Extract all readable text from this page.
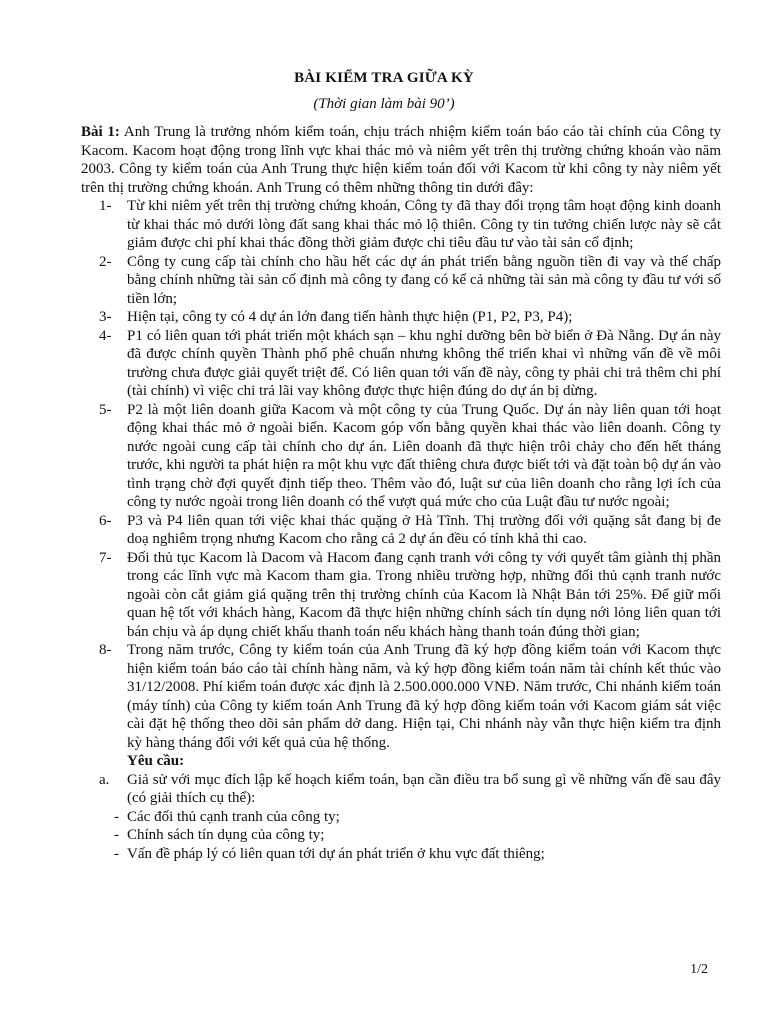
BÀI KIỂM TRA GIỮA KỲ
(Thời gian làm bài 90’)

Bài 1: Anh Trung là trưởng nhóm kiểm toán, chịu trách nhiệm kiểm toán báo cáo tài chính của Công ty Kacom. Kacom hoạt động trong lĩnh vực khai thác mỏ và niêm yết trên thị trường chứng khoán vào năm 2003. Công ty kiểm toán của Anh Trung thực hiện kiểm toán đối với Kacom từ khi công ty này niêm yết trên thị trường chứng khoán. Anh Trung có thêm những thông tin dưới đây:

1- Từ khi niêm yết trên thị trường chứng khoán, Công ty đã thay đổi trọng tâm hoạt động kinh doanh từ khai thác mỏ dưới lòng đất sang khai thác mỏ lộ thiên. Công ty tin tưởng chiến lược này sẽ cắt giảm được chi phí khai thác đồng thời giảm được chi tiêu đầu tư vào tài sản cố định;
2- Công ty cung cấp tài chính cho hầu hết các dự án phát triển bằng nguồn tiền đi vay và thế chấp bằng chính những tài sản cố định mà công ty đang có kể cả những tài sản mà công ty đầu tư với số tiền lớn;
3- Hiện tại, công ty có 4 dự án lớn đang tiến hành thực hiện (P1, P2, P3, P4);
4- P1 có liên quan tới phát triển một khách sạn – khu nghỉ dưỡng bên bờ biển ở Đà Nẵng. Dự án này đã được chính quyền Thành phố phê chuẩn nhưng không thể triển khai vì những vấn đề về môi trường chưa được giải quyết triệt để. Có liên quan tới vấn đề này, công ty phải chi trả thêm chi phí (tài chính) vì việc chi trả lãi vay không được thực hiện đúng do dự án bị dừng.
5- P2 là một liên doanh giữa Kacom và một công ty của Trung Quốc. Dự án này liên quan tới hoạt động khai thác mỏ ở ngoài biển. Kacom góp vốn bằng quyền khai thác vào liên doanh. Công ty nước ngoài cung cấp tài chính cho dự án. Liên doanh đã thực hiện trôi chảy cho đến hết tháng trước, khi người ta phát hiện ra một khu vực đất thiêng chưa được biết tới và đặt toàn bộ dự án vào tình trạng chờ đợi quyết định tiếp theo. Thêm vào đó, luật sư của liên doanh cho rằng lợi ích của công ty nước ngoài trong liên doanh có thể vượt quá mức cho của Luật đầu tư nước ngoài;
6- P3 và P4 liên quan tới việc khai thác quặng ở Hà Tĩnh. Thị trường đối với quặng sắt đang bị đe doạ nghiêm trọng nhưng Kacom cho rằng cả 2 dự án đều có tính khả thi cao.
7- Đối thủ tục Kacom là Dacom và Hacom đang cạnh tranh với công ty với quyết tâm giành thị phần trong các lĩnh vực mà Kacom tham gia. Trong nhiều trường hợp, những đối thủ cạnh tranh nước ngoài còn cắt giảm giá quặng trên thị trường chính của Kacom là Nhật Bản tới 25%. Để giữ mối quan hệ tốt với khách hàng, Kacom đã thực hiện những chính sách tín dụng nới lỏng liên quan tới bán chịu và áp dụng chiết khấu thanh toán nếu khách hàng thanh toán đúng thời gian;
8- Trong năm trước, Công ty kiểm toán của Anh Trung đã ký hợp đồng kiểm toán với Kacom thực hiện kiểm toán báo cáo tài chính hàng năm, và ký hợp đồng kiểm toán năm tài chính kết thúc vào 31/12/2008. Phí kiểm toán được xác định là 2.500.000.000 VNĐ. Năm trước, Chi nhánh kiểm toán (máy tính) của Công ty kiểm toán Anh Trung đã ký hợp đồng kiểm toán với Kacom giám sát việc cài đặt hệ thống theo dõi sản phẩm dở dang. Hiện tại, Chi nhánh này vẫn thực hiện kiểm tra định kỳ hàng tháng đối với kết quả của hệ thống.
Yêu cầu:
a. Giả sử với mục đích lập kế hoạch kiểm toán, bạn cần điều tra bổ sung gì về những vấn đề sau đây (có giải thích cụ thể):
- Các đối thủ cạnh tranh của công ty;
- Chính sách tín dụng của công ty;
- Vấn đề pháp lý có liên quan tới dự án phát triển ở khu vực đất thiêng;
1/2
